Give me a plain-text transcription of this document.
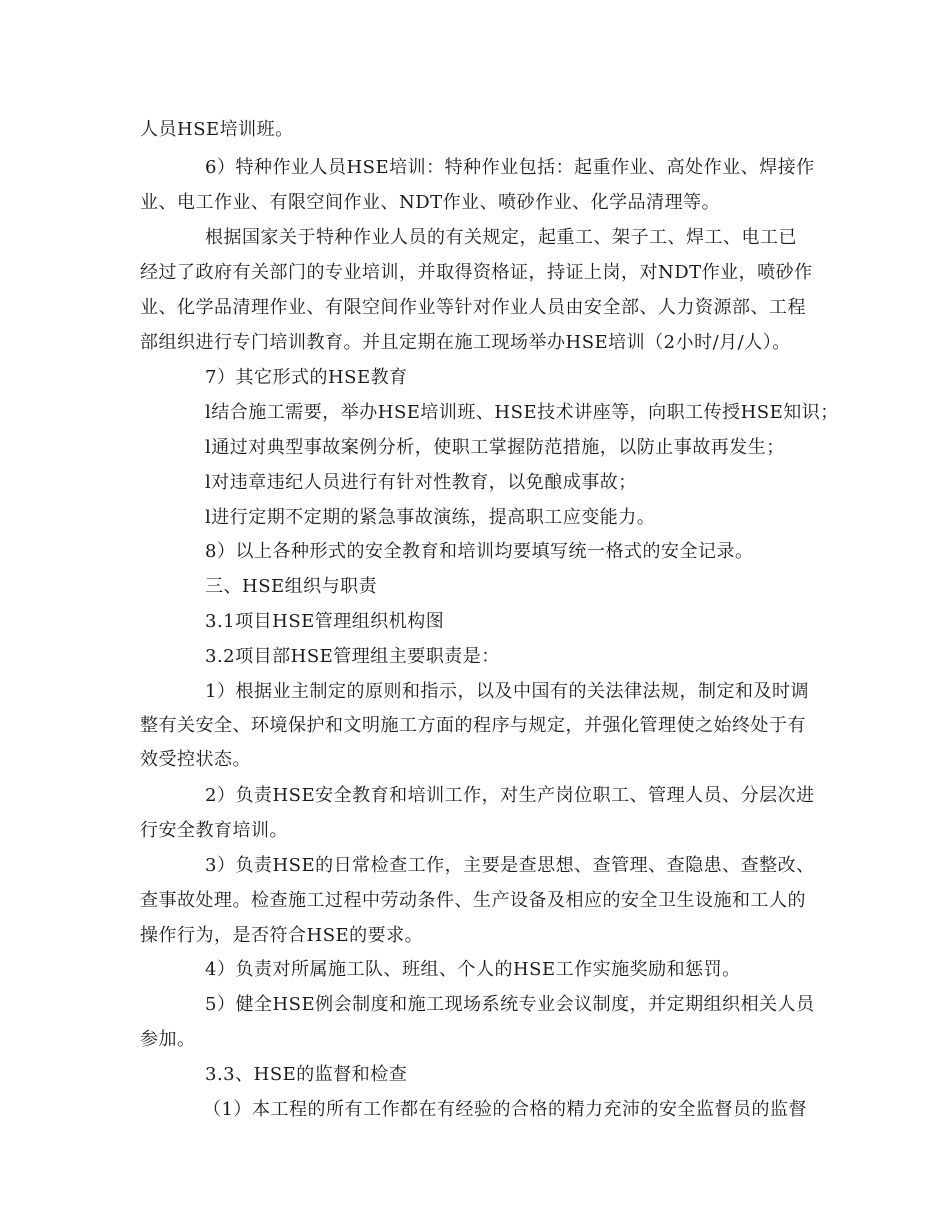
人员HSE培训班。
6）特种作业人员HSE培训：特种作业包括：起重作业、高处作业、焊接作
业、电工作业、有限空间作业、NDT作业、喷砂作业、化学品清理等。
根据国家关于特种作业人员的有关规定，起重工、架子工、焊工、电工已
经过了政府有关部门的专业培训，并取得资格证，持证上岗，对NDT作业，喷砂作
业、化学品清理作业、有限空间作业等针对作业人员由安全部、人力资源部、工程
部组织进行专门培训教育。并且定期在施工现场举办HSE培训（2小时/月/人）。
7）其它形式的HSE教育
l结合施工需要，举办HSE培训班、HSE技术讲座等，向职工传授HSE知识；
l通过对典型事故案例分析，使职工掌握防范措施，以防止事故再发生；
l对违章违纪人员进行有针对性教育，以免酿成事故；
l进行定期不定期的紧急事故演练，提高职工应变能力。
8）以上各种形式的安全教育和培训均要填写统一格式的安全记录。
三、HSE组织与职责
3.1项目HSE管理组织机构图
3.2项目部HSE管理组主要职责是：
1）根据业主制定的原则和指示，以及中国有的关法律法规，制定和及时调
整有关安全、环境保护和文明施工方面的程序与规定，并强化管理使之始终处于有
效受控状态。
2）负责HSE安全教育和培训工作，对生产岗位职工、管理人员、分层次进
行安全教育培训。
3）负责HSE的日常检查工作，主要是查思想、查管理、查隐患、查整改、
查事故处理。检查施工过程中劳动条件、生产设备及相应的安全卫生设施和工人的
操作行为，是否符合HSE的要求。
4）负责对所属施工队、班组、个人的HSE工作实施奖励和惩罚。
5）健全HSE例会制度和施工现场系统专业会议制度，并定期组织相关人员
参加。
3.3、HSE的监督和检查
（1）本工程的所有工作都在有经验的合格的精力充沛的安全监督员的监督
